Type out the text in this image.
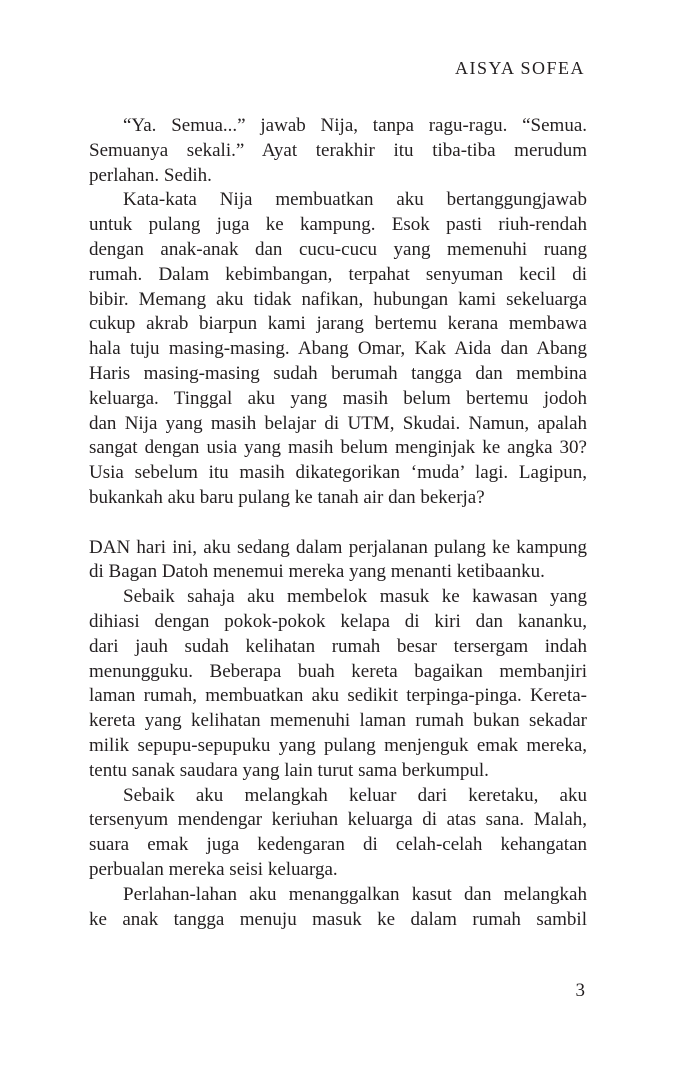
AISYA SOFEA
“Ya. Semua...” jawab Nija, tanpa ragu-ragu. “Semua.
Semuanya sekali.” Ayat terakhir itu tiba-tiba merudum
perlahan. Sedih.
Kata-kata Nija membuatkan aku bertanggungjawab
untuk pulang juga ke kampung. Esok pasti riuh-rendah
dengan anak-anak dan cucu-cucu yang memenuhi ruang
rumah. Dalam kebimbangan, terpahat senyuman kecil di
bibir. Memang aku tidak nafikan, hubungan kami sekeluarga
cukup akrab biarpun kami jarang bertemu kerana membawa
hala tuju masing-masing. Abang Omar, Kak Aida dan Abang
Haris masing-masing sudah berumah tangga dan membina
keluarga. Tinggal aku yang masih belum bertemu jodoh
dan Nija yang masih belajar di UTM, Skudai. Namun, apalah
sangat dengan usia yang masih belum menginjak ke angka 30?
Usia sebelum itu masih dikategorikan ‘muda’ lagi. Lagipun,
bukankah aku baru pulang ke tanah air dan bekerja?
DAN hari ini, aku sedang dalam perjalanan pulang ke kampung
di Bagan Datoh menemui mereka yang menanti ketibaanku.
Sebaik sahaja aku membelok masuk ke kawasan yang
dihiasi dengan pokok-pokok kelapa di kiri dan kananku,
dari jauh sudah kelihatan rumah besar tersergam indah
menungguku. Beberapa buah kereta bagaikan membanjiri
laman rumah, membuatkan aku sedikit terpinga-pinga. Kereta-
kereta yang kelihatan memenuhi laman rumah bukan sekadar
milik sepupu-sepupuku yang pulang menjenguk emak mereka,
tentu sanak saudara yang lain turut sama berkumpul.
Sebaik aku melangkah keluar dari keretaku, aku
tersenyum mendengar keriuhan keluarga di atas sana. Malah,
suara emak juga kedengaran di celah-celah kehangatan
perbualan mereka seisi keluarga.
Perlahan-lahan aku menanggalkan kasut dan melangkah
ke anak tangga menuju masuk ke dalam rumah sambil
3
